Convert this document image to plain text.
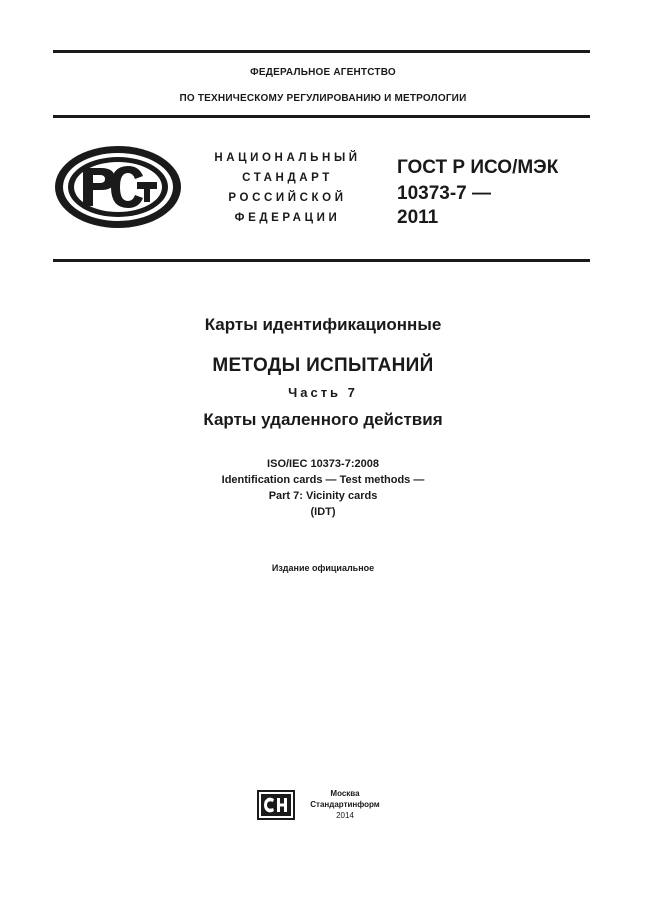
ФЕДЕРАЛЬНОЕ АГЕНТСТВО
ПО ТЕХНИЧЕСКОМУ РЕГУЛИРОВАНИЮ И МЕТРОЛОГИИ
НАЦИОНАЛЬНЫЙ
СТАНДАРТ
РОССИЙСКОЙ
ФЕДЕРАЦИИ
ГОСТ Р ИСО/МЭК
10373-7 —
2011
Карты идентификационные
МЕТОДЫ ИСПЫТАНИЙ
Часть 7
Карты удаленного действия
ISO/IEC 10373-7:2008
Identification cards — Test methods —
Part 7: Vicinity cards
(IDT)
Издание официальное
Москва
Стандартинформ
2014
